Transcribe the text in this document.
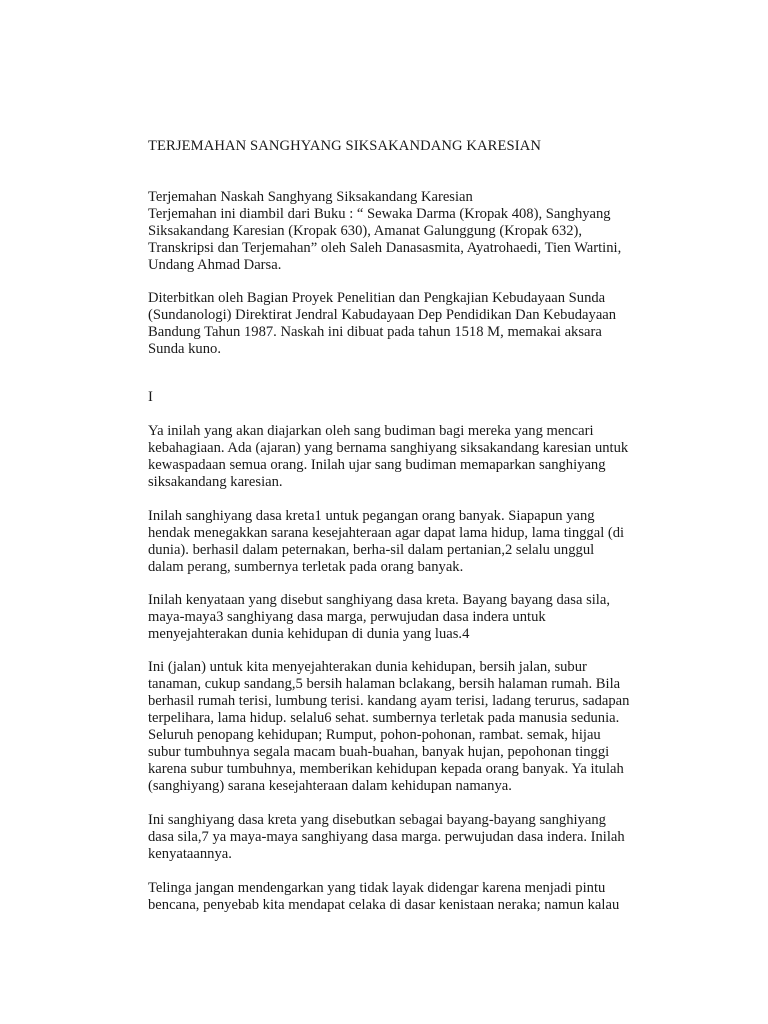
TERJEMAHAN SANGHYANG SIKSAKANDANG KARESIAN
Terjemahan Naskah Sanghyang Siksakandang Karesian
Terjemahan ini diambil dari Buku : “ Sewaka Darma (Kropak 408), Sanghyang
Siksakandang Karesian (Kropak 630), Amanat Galunggung (Kropak 632),
Transkripsi dan Terjemahan” oleh Saleh Danasasmita, Ayatrohaedi, Tien Wartini,
Undang Ahmad Darsa.
Diterbitkan oleh Bagian Proyek Penelitian dan Pengkajian Kebudayaan Sunda
(Sundanologi) Direktirat Jendral Kabudayaan Dep Pendidikan Dan Kebudayaan
Bandung Tahun 1987. Naskah ini dibuat pada tahun 1518 M, memakai aksara
Sunda kuno.
I
Ya inilah yang akan diajarkan oleh sang budiman bagi mereka yang mencari
kebahagiaan. Ada (ajaran) yang bernama sanghiyang siksakandang karesian untuk
kewaspadaan semua orang. Inilah ujar sang budiman memaparkan sanghiyang
siksakandang karesian.
Inilah sanghiyang dasa kreta1 untuk pegangan orang banyak. Siapapun yang
hendak menegakkan sarana kesejahteraan agar dapat lama hidup, lama tinggal (di
dunia). berhasil dalam peternakan, berha-sil dalam pertanian,2 selalu unggul
dalam perang, sumbernya terletak pada orang banyak.
Inilah kenyataan yang disebut sanghiyang dasa kreta. Bayang bayang dasa sila,
maya-maya3 sanghiyang dasa marga, perwujudan dasa indera untuk
menyejahterakan dunia kehidupan di dunia yang luas.4
Ini (jalan) untuk kita menyejahterakan dunia kehidupan, bersih jalan, subur
tanaman, cukup sandang,5 bersih halaman bclakang, bersih halaman rumah. Bila
berhasil rumah terisi, lumbung terisi. kandang ayam terisi, ladang terurus, sadapan
terpelihara, lama hidup. selalu6 sehat. sumbernya terletak pada manusia sedunia.
Seluruh penopang kehidupan; Rumput, pohon-pohonan, rambat. semak, hijau
subur tumbuhnya segala macam buah-buahan, banyak hujan, pepohonan tinggi
karena subur tumbuhnya, memberikan kehidupan kepada orang banyak. Ya itulah
(sanghiyang) sarana kesejahteraan dalam kehidupan namanya.
Ini sanghiyang dasa kreta yang disebutkan sebagai bayang-bayang sanghiyang
dasa sila,7 ya maya-maya sanghiyang dasa marga. perwujudan dasa indera. Inilah
kenyataannya.
Telinga jangan mendengarkan yang tidak layak didengar karena menjadi pintu
bencana, penyebab kita mendapat celaka di dasar kenistaan neraka; namun kalau
